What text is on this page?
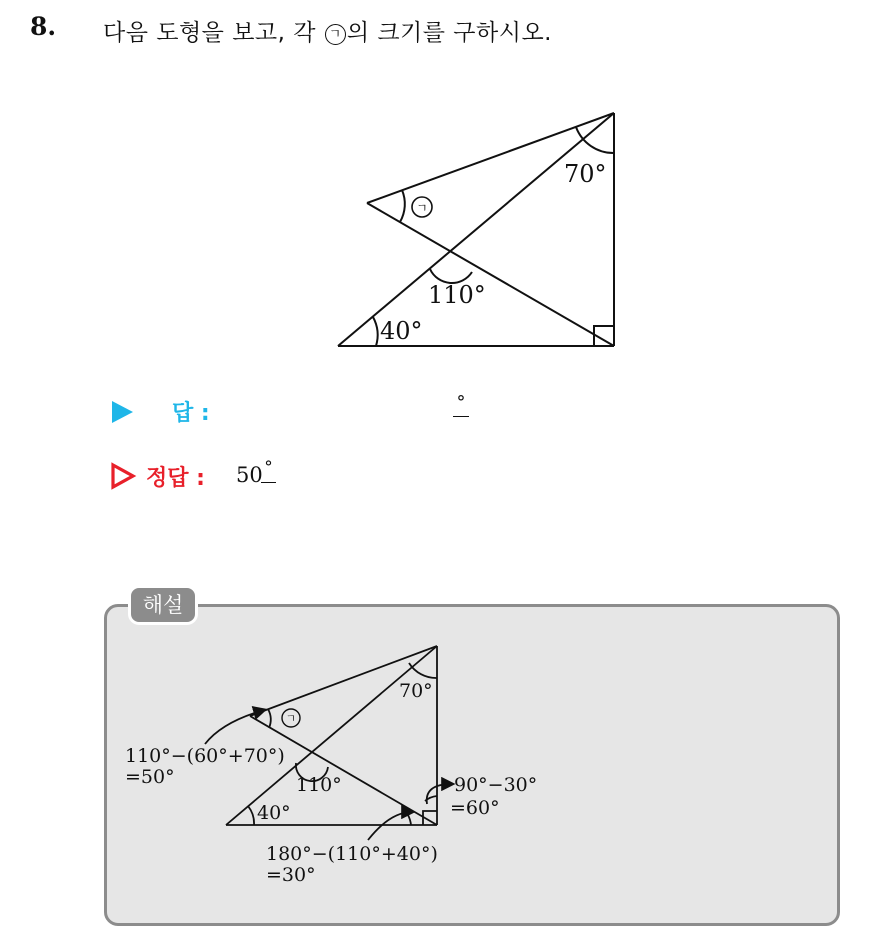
8. 다음 도형을 보고, 각 ㄱ 의 크기를 구하시오.
70°
110°
40°
ㄱ
답 :	°
정답 : 50 °
해설
70°
110°
40°
ㄱ
110°−(60°+70°)
=50°	90°−30°
=60°
180°−(110°+40°)
=30°
